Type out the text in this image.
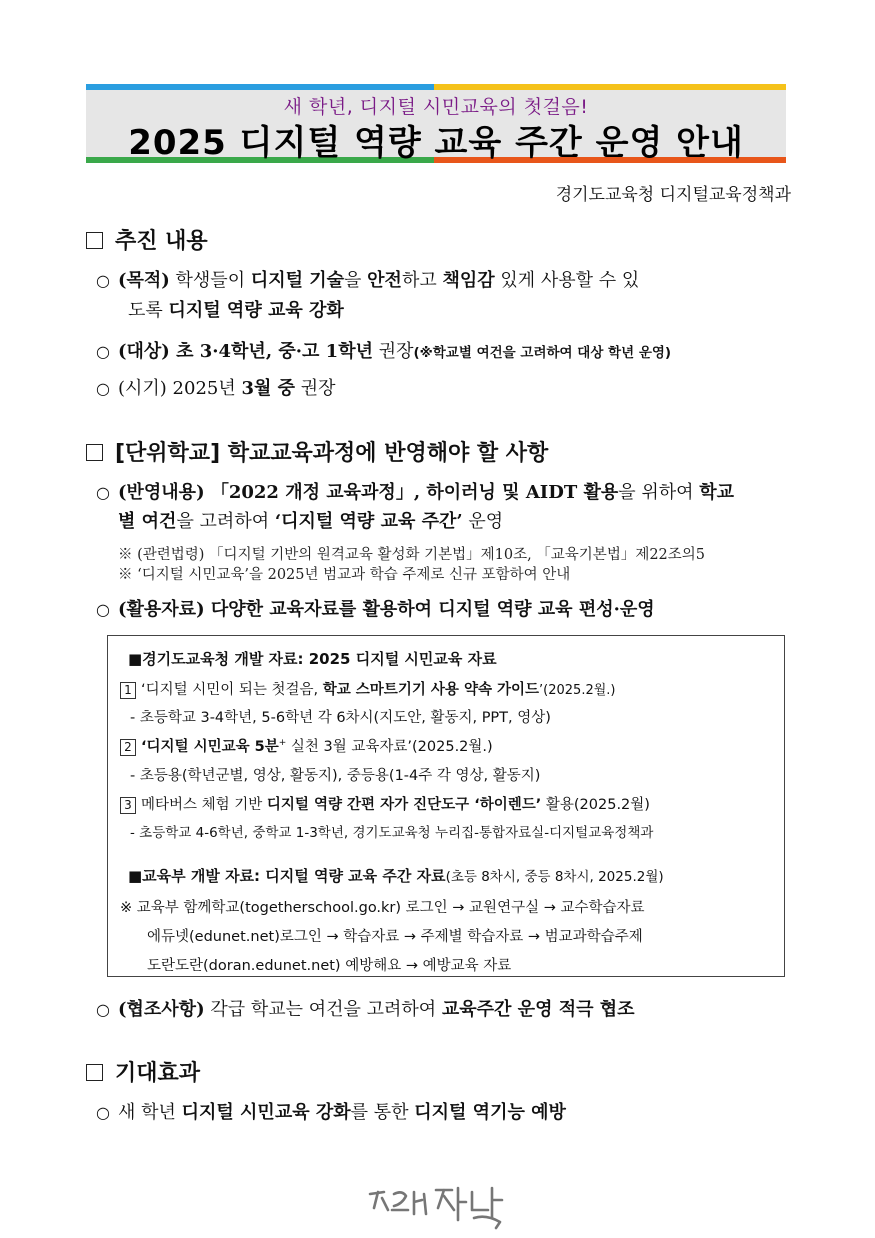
새 학년, 디지털 시민교육의 첫걸음!
2025 디지털 역량 교육 주간 운영 안내
경기도교육청 디지털교육정책과
추진 내용
○ (목적) 학생들이 디지털 기술을 안전하고 책임감 있게 사용할 수 있
도록 디지털 역량 교육 강화
○ (대상) 초 3·4학년, 중·고 1학년 권장(※학교별 여건을 고려하여 대상 학년 운영)
○ (시기) 2025년 3월 중 권장
[단위학교] 학교교육과정에 반영해야 할 사항
○ (반영내용) 「2022 개정 교육과정」, 하이러닝 및 AIDT 활용을 위하여 학교
별 여건을 고려하여 ‘디지털 역량 교육 주간’ 운영
※ (관련법령) 「디지털 기반의 원격교육 활성화 기본법」제10조, 「교육기본법」제22조의5
※ ‘디지털 시민교육’을 2025년 범교과 학습 주제로 신규 포함하여 안내
○ (활용자료) 다양한 교육자료를 활용하여 디지털 역량 교육 편성·운영
■경기도교육청 개발 자료: 2025 디지털 시민교육 자료
1 ‘디지털 시민이 되는 첫걸음, 학교 스마트기기 사용 약속 가이드’(2025.2월.)
- 초등학교 3-4학년, 5-6학년 각 6차시(지도안, 활동지, PPT, 영상)
2 ‘디지털 시민교육 5분+ 실천 3월 교육자료’(2025.2월.)
- 초등용(학년군별, 영상, 활동지), 중등용(1-4주 각 영상, 활동지)
3 메타버스 체험 기반 디지털 역량 간편 자가 진단도구 ‘하이렌드’ 활용(2025.2월)
- 초등학교 4-6학년, 중학교 1-3학년, 경기도교육청 누리집-통합자료실-디지털교육정책과
■교육부 개발 자료: 디지털 역량 교육 주간 자료(초등 8차시, 중등 8차시, 2025.2월)
※ 교육부 함께학교(togetherschool.go.kr) 로그인 → 교원연구실 → 교수학습자료
에듀넷(edunet.net)로그인 → 학습자료 → 주제별 학습자료 → 범교과학습주제
도란도란(doran.edunet.net) 예방해요 → 예방교육 자료
○ (협조사항) 각급 학교는 여건을 고려하여 교육주간 운영 적극 협조
기대효과
○ 새 학년 디지털 시민교육 강화를 통한 디지털 역기능 예방
